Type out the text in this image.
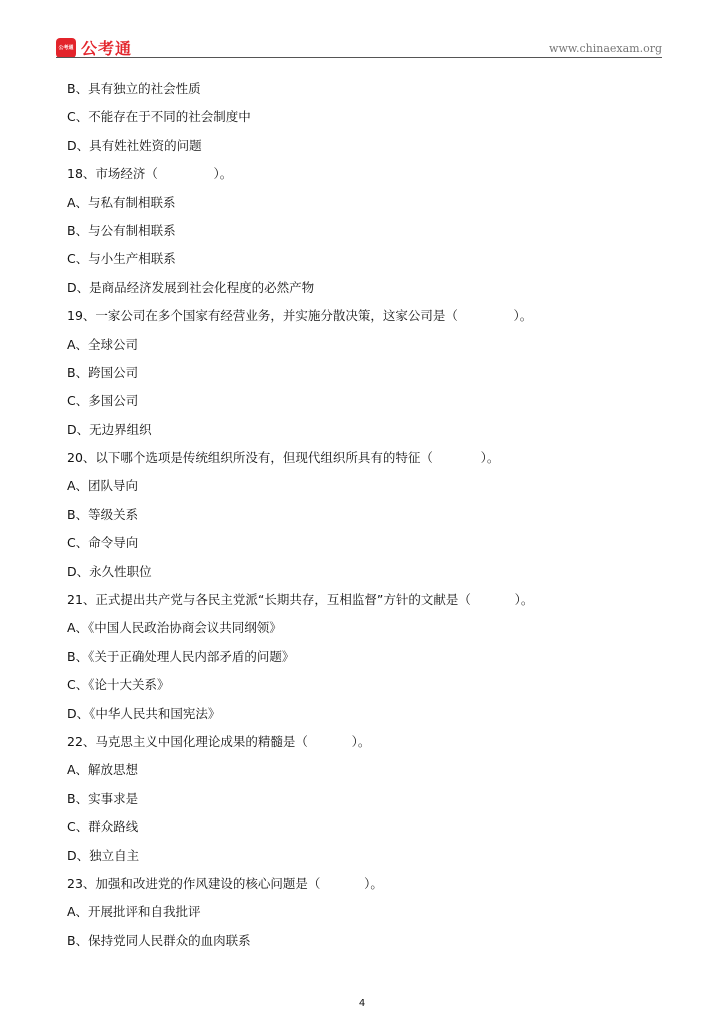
公考通 公考通	www.chinaexam.org
B、具有独立的社会性质
C、不能存在于不同的社会制度中
D、具有姓社姓资的问题
18、市场经济（              ）。
A、与私有制相联系
B、与公有制相联系
C、与小生产相联系
D、是商品经济发展到社会化程度的必然产物
19、一家公司在多个国家有经营业务，并实施分散决策，这家公司是（              ）。
A、全球公司
B、跨国公司
C、多国公司
D、无边界组织
20、以下哪个选项是传统组织所没有，但现代组织所具有的特征（            ）。
A、团队导向
B、等级关系
C、命令导向
D、永久性职位
21、正式提出共产党与各民主党派“长期共存，互相监督”方针的文献是（           ）。
A、《中国人民政治协商会议共同纲领》
B、《关于正确处理人民内部矛盾的问题》
C、《论十大关系》
D、《中华人民共和国宪法》
22、马克思主义中国化理论成果的精髓是（           ）。
A、解放思想
B、实事求是
C、群众路线
D、独立自主
23、加强和改进党的作风建设的核心问题是（           ）。
A、开展批评和自我批评
B、保持党同人民群众的血肉联系
4
